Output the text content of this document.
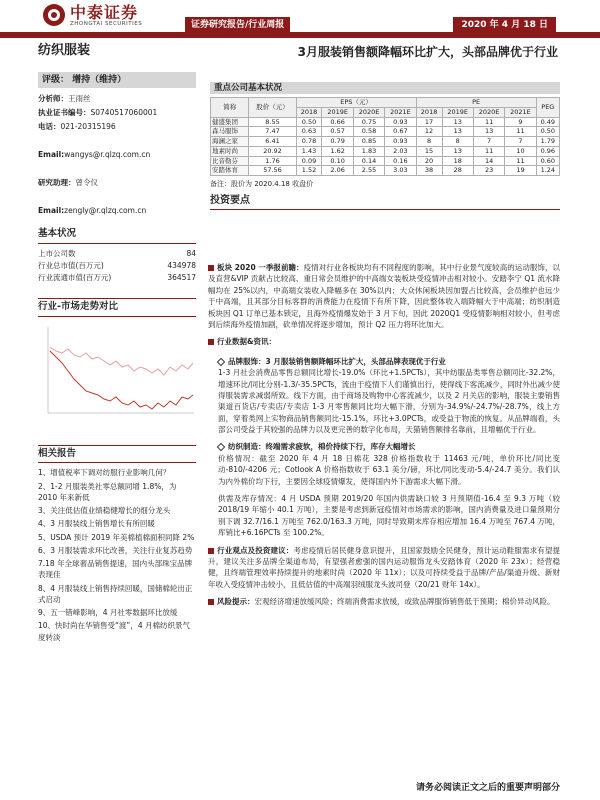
中泰证券
ZHONGTAI SECURITIES	证券研究报告/行业周报	2020 年 4 月 18 日
纺织服装	3月服装销售额降幅环比扩大，头部品牌优于行业
评级： 增持（维持）
分析师：王雨丝
执业证书编号：S0740517060001
电话：021-20315196
Email:wangys@r.qlzq.com.cn
研究助理：曾令仪
Email:zengly@r.qlzq.com.cn
基本状况
上市公司数	84
行业总市值(百万元)	434978
行业流通市值(百万元)	364517
行业-市场走势对比
相关报告
1、增值税率下调对纺服行业影响几何？
2、1-2 月服装类社零总额同增 1.8%，为 2010 年来新低
3、关注低估值业绩稳健增长的细分龙头
4、3 月服装线上销售增长有所回暖
5、USDA 预计 2019 年美棉植棉面积同降 2%
6、3 月服装需求环比改善，关注行业复苏趋势
7.18 年全球奢品销售提速，国内头部珠宝品牌表现佳
8、4 月服装线上销售持续回暖，国储棉轮出正式启动
9、五一错峰影响，4 月社零数据环比放缓
10、快时尚在华销售受“渡”，4 月棉纺织景气度转淡
重点公司基本状况
简称	股价（元）	EPS（元）				PE				PEG
		2018	2019E	2020E	2021E	2018	2019E	2020E	2021E	
健盛集团	8.55	0.50	0.66	0.75	0.93	17	13	11	9	0.49
森马服饰	7.47	0.63	0.57	0.58	0.67	12	13	13	11	0.50
海澜之家	6.41	0.78	0.79	0.85	0.93	8	8	7	7	1.79
地素时尚	20.92	1.43	1.62	1.83	2.03	15	13	11	10	0.96
比音勒芬	1.76	0.09	0.10	0.14	0.16	20	18	14	11	0.60
安踏体育	57.56	1.52	2.06	2.55	3.03	38	28	23	19	1.24
备注：股价为 2020.4.18 收盘价
投资要点

板块 2020 一季报前瞻：疫情对行业各板块均有不同程度的影响，其中行业景气度较高的运动服饰，以及直营&VIP 贡献占比较高、重日常会员维护的中高端女装板块受疫情冲击相对较小。安踏李宁 Q1 流水降幅均在 25%以内，中高端女装收入降幅多在 30%以内；大众休闲板块因加盟占比较高，会员维护也远少于中高端，且其部分目标客群的消费能力在疫情下有所下降，因此整体收入端降幅大于中高端；纺织制造板块因 Q1 订单已基本锁定，且海外疫情爆发始于 3 月下旬，因此 2020Q1 受疫情影响相对较小，但考虑到后续海外疫情加剧，砍单情况将逐步增加，预计 Q2 压力将环比加大。

行业数据&资讯：

品牌服饰：3 月服装销售额降幅环比扩大，头部品牌表现优于行业
1-3 月社会消费品零售总额同比增长-19.0%（环比+1.5PCTs），其中纺服品类零售总额同比-32.2%，增速环比/同比分别-1.3/-35.5PCTs，流由于疫情下人们谨慎出行，使得线下客流减少，同时外出减少使得服装需求减弱所致。线下方面，由于商场及购物中心客流减少，以及 2 月关店的影响，服装主要销售渠道百货店/专卖店/专卖店 1-3 月零售额同比均大幅下滑，分别为-34.9%/-24.7%/-28.7%，线上方面，穿着类网上实物商品销售额同比-15.1%，环比+3.0PCTs，或受益于物流的恢复。从品牌端看，头部公司受益于其较强的品牌力以及更完善的数字化布局，天猫销售额排名靠前，且增幅优于行业。

纺织制造：终端需求疲软，棉价持续下行，库存大幅增长
价格情况：截至 2020 年 4 月 18 日棉花 328 价格指数收于 11463 元/吨，单价环比/同比变动-810/-4206 元；Cotlook A 价格指数收于 63.1 美分/磅，环比/同比变动-5.4/-24.7 美分。我们认为内外棉价均下行，主要因全球疫情爆发，使得国内外下游需求大幅下滑。

供需及库存情况：4 月 USDA 预期 2019/20 年国内供需缺口较 3 月预期值-16.4 至 9.3 万吨（较 2018/19 年缩小 40.1 万吨），主要是考虑到新冠疫情对市场需求的影响，国内消费量及进口量预期分别下调 32.7/16.1 万吨至 762.0/163.3 万吨，同时导致期末库存相应增加 16.4 万吨至 767.4 万吨，库销比+6.16PCTs 至 100.2%。

行业观点及投资建议：考虑疫情后居民健身意识提升，且国家鼓励全民健身，预计运动鞋服需求有望提升，建议关注多品牌全渠道布局，有望强者愈强的国内运动服饰龙头安踏体育（2020 年 23x）；经营稳健，且终端管理效率持续提升的地素时尚（2020 年 11x）；以及可持续受益于品牌/产品/渠道升级、新财年收入受疫情冲击较小，且低估值的中高端羽绒服龙头波司登（20/21 财年 14x）。

风险提示：宏观经济增速放缓风险；终端消费需求放缓，或致品牌服饰销售低于预期；棉价异动风险。

请务必阅读正文之后的重要声明部分
